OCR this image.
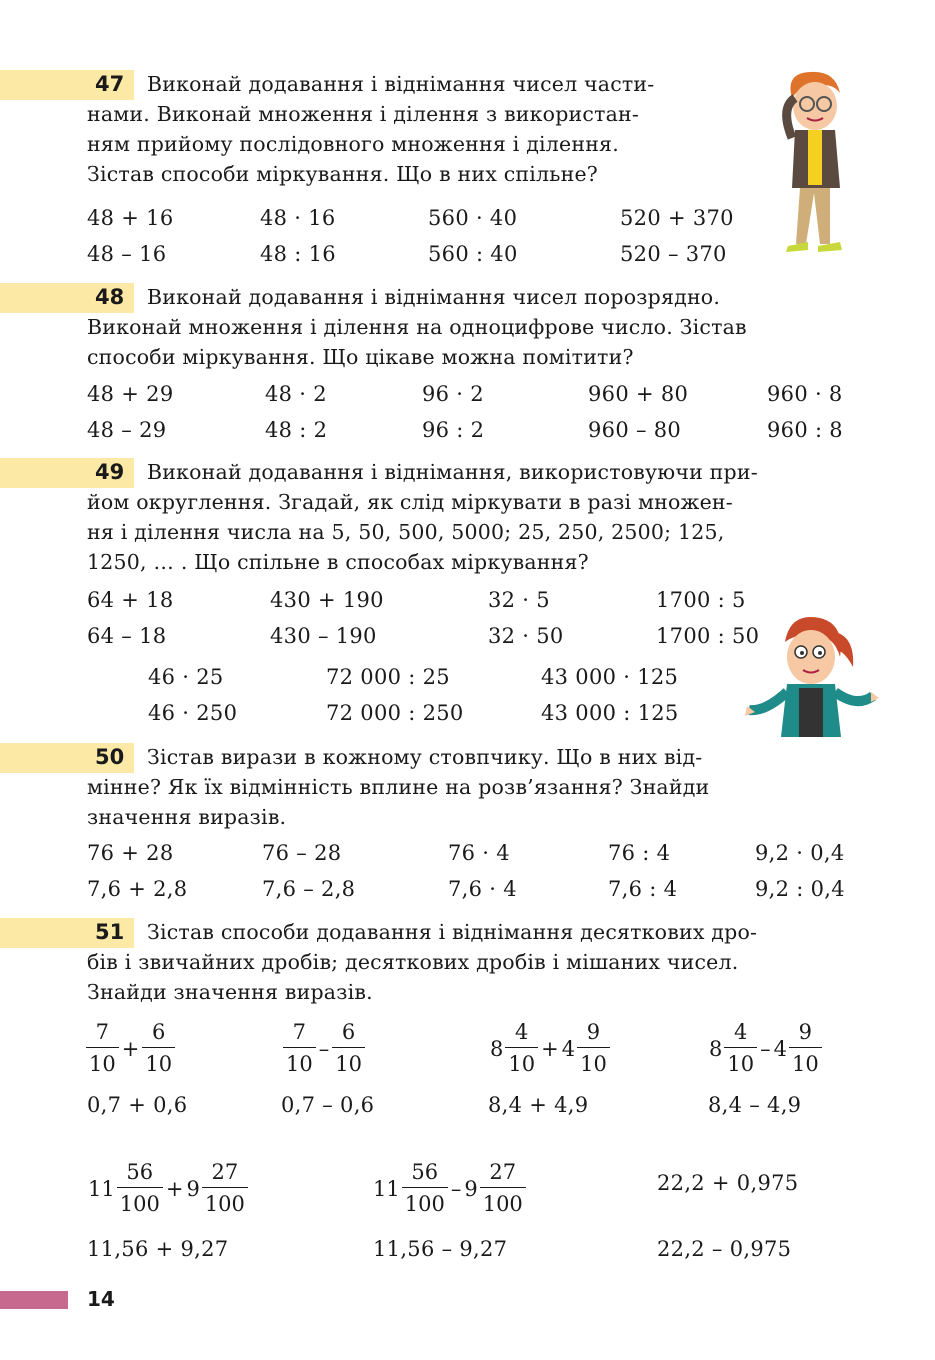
47 Виконай додавання і віднімання чисел части-
нами. Виконай множення і ділення з використан-
ням прийому послідовного множення і ділення.
Зістав способи міркування. Що в них спільне?
48 + 16	48 · 16	560 · 40	520 + 370
48 – 16	48 : 16	560 : 40	520 – 370
48 Виконай додавання і віднімання чисел порозрядно.
Виконай множення і ділення на одноцифрове число. Зістав
способи міркування. Що цікаве можна помітити?
48 + 29	48 · 2	96 · 2	960 + 80	960 · 8
48 – 29	48 : 2	96 : 2	960 – 80	960 : 8
49 Виконай додавання і віднімання, використовуючи при-
йом округлення. Згадай, як слід міркувати в разі множен-
ня і ділення числа на 5, 50, 500, 5000; 25, 250, 2500; 125,
1250, … . Що спільне в способах міркування?
64 + 18	430 + 190	32 · 5	1700 : 5
64 – 18	430 – 190	32 · 50	1700 : 50
46 · 25	72 000 : 25	43 000 · 125
46 · 250	72 000 : 250	43 000 : 125
50 Зістав вирази в кожному стовпчику. Що в них від-
мінне? Як їх відмінність вплине на розв’язання? Знайди
значення виразів.
76 + 28	76 – 28	76 · 4	76 : 4	9,2 · 0,4
7,6 + 2,8	7,6 – 2,8	7,6 · 4	7,6 : 4	9,2 : 0,4
51 Зістав способи додавання і віднімання десяткових дро-
бів і звичайних дробів; десяткових дробів і мішаних чисел.
Знайди значення виразів.
$\frac{7}{10} + \frac{6}{10}$	$\frac{7}{10} - \frac{6}{10}$	$8 \frac{4}{10} + 4 \frac{9}{10}$	$8 \frac{4}{10} - 4 \frac{9}{10}$
0,7 + 0,6	0,7 – 0,6	8,4 + 4,9	8,4 – 4,9
$11 \frac{56}{100} + 9 \frac{27}{100}$	$11 \frac{56}{100} - 9 \frac{27}{100}$	22,2 + 0,975
11,56 + 9,27	11,56 – 9,27	22,2 – 0,975
14
